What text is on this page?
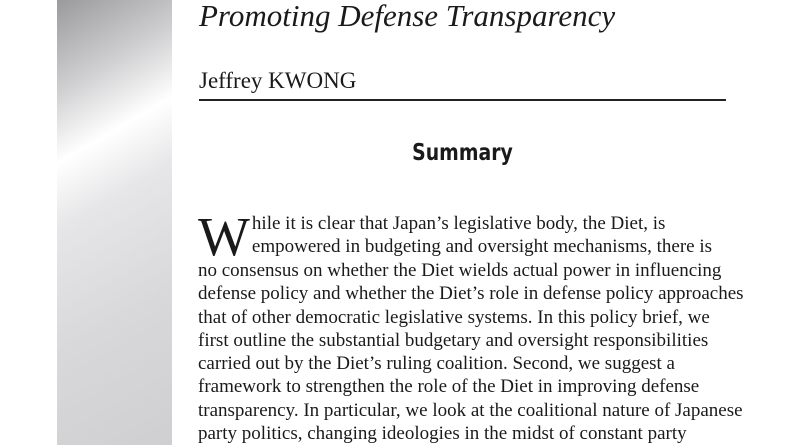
Promoting Defense Transparency
Jeffrey KWONG
Summary
W hile it is clear that Japan’s legislative body, the Diet, is
empowered in budgeting and oversight mechanisms, there is
no consensus on whether the Diet wields actual power in influencing
defense policy and whether the Diet’s role in defense policy approaches
that of other democratic legislative systems. In this policy brief, we
first outline the substantial budgetary and oversight responsibilities
carried out by the Diet’s ruling coalition. Second, we suggest a
framework to strengthen the role of the Diet in improving defense
transparency. In particular, we look at the coalitional nature of Japanese
party politics, changing ideologies in the midst of constant party
